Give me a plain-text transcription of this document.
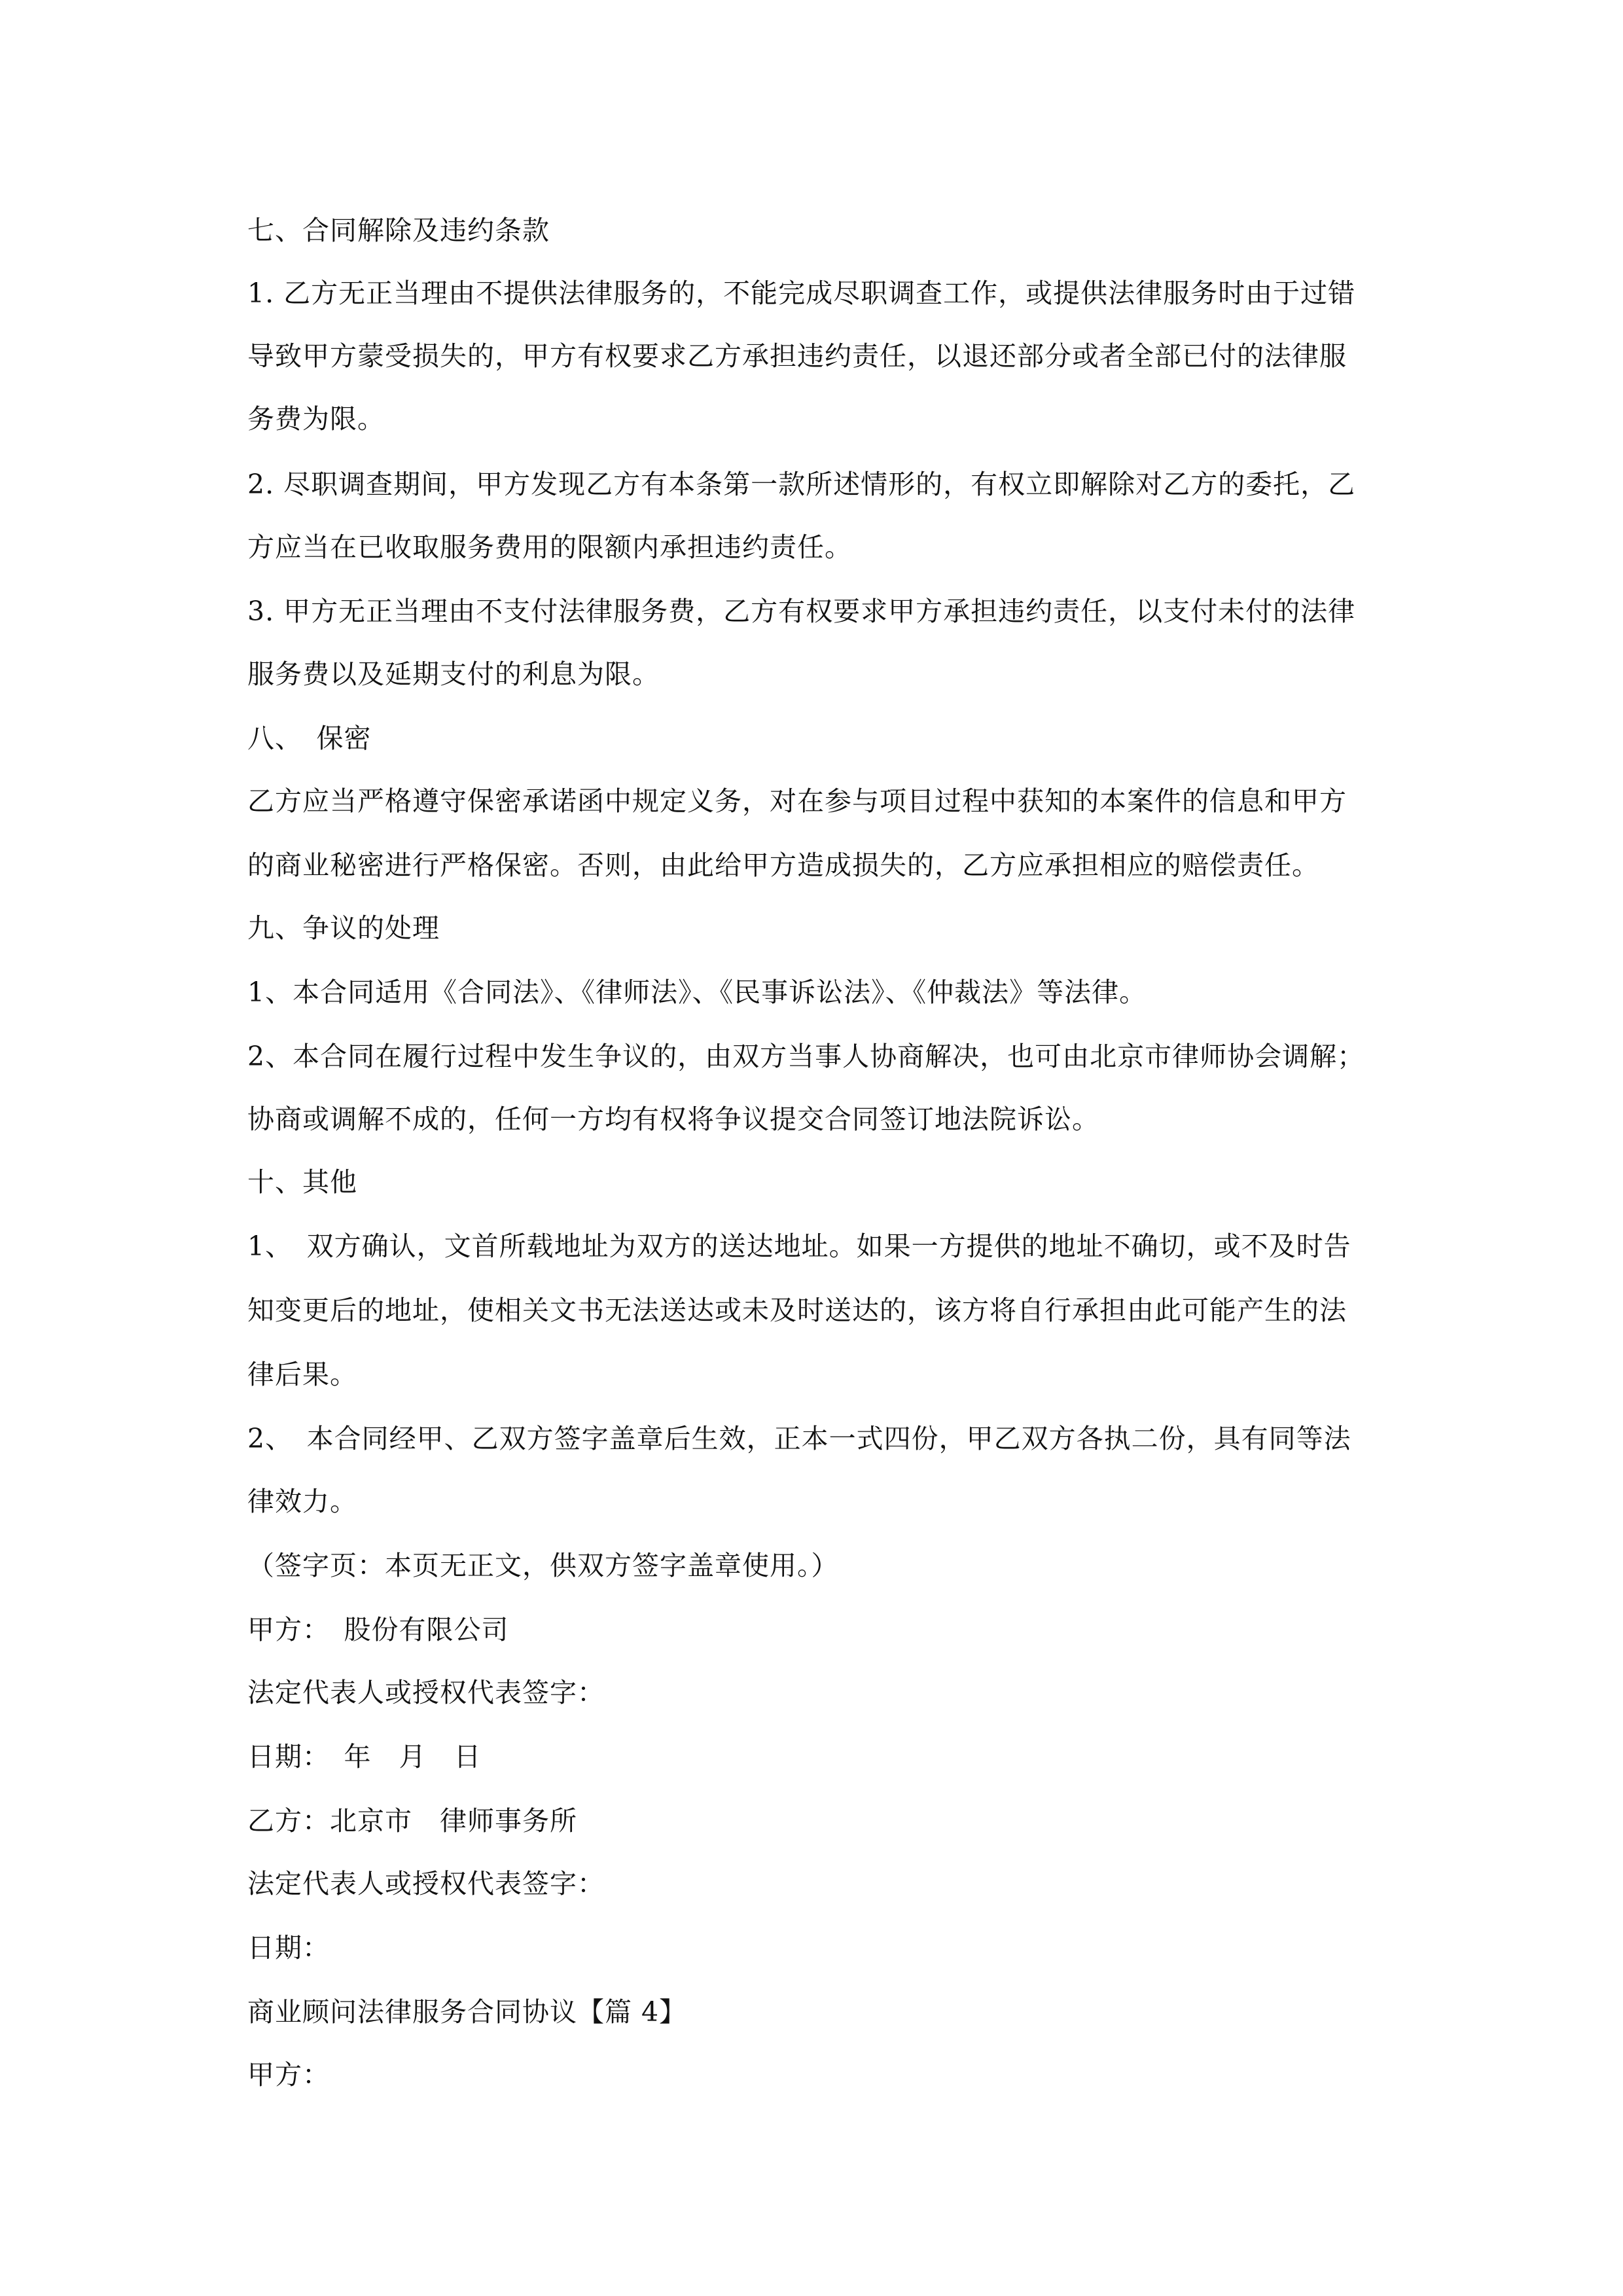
七、合同解除及违约条款
1. 乙方无正当理由不提供法律服务的，不能完成尽职调查工作，或提供法律服务时由于过错
导致甲方蒙受损失的，甲方有权要求乙方承担违约责任，以退还部分或者全部已付的法律服
务费为限。
2. 尽职调查期间，甲方发现乙方有本条第一款所述情形的，有权立即解除对乙方的委托，乙
方应当在已收取服务费用的限额内承担违约责任。
3. 甲方无正当理由不支付法律服务费，乙方有权要求甲方承担违约责任，以支付未付的法律
服务费以及延期支付的利息为限。
八、　保密
乙方应当严格遵守保密承诺函中规定义务，对在参与项目过程中获知的本案件的信息和甲方
的商业秘密进行严格保密。否则，由此给甲方造成损失的，乙方应承担相应的赔偿责任。
九、争议的处理
1、本合同适用《合同法》、《律师法》、《民事诉讼法》、《仲裁法》等法律。
2、本合同在履行过程中发生争议的，由双方当事人协商解决，也可由北京市律师协会调解；
协商或调解不成的，任何一方均有权将争议提交合同签订地法院诉讼。
十、其他
1、　双方确认，文首所载地址为双方的送达地址。如果一方提供的地址不确切，或不及时告
知变更后的地址，使相关文书无法送达或未及时送达的，该方将自行承担由此可能产生的法
律后果。
2、　本合同经甲、乙双方签字盖章后生效，正本一式四份，甲乙双方各执二份，具有同等法
律效力。
（签字页：本页无正文，供双方签字盖章使用。）
甲方：　股份有限公司
法定代表人或授权代表签字：
日期：　年　月　日
乙方：北京市　律师事务所
法定代表人或授权代表签字：
日期：
商业顾问法律服务合同协议【篇 4】
甲方：
